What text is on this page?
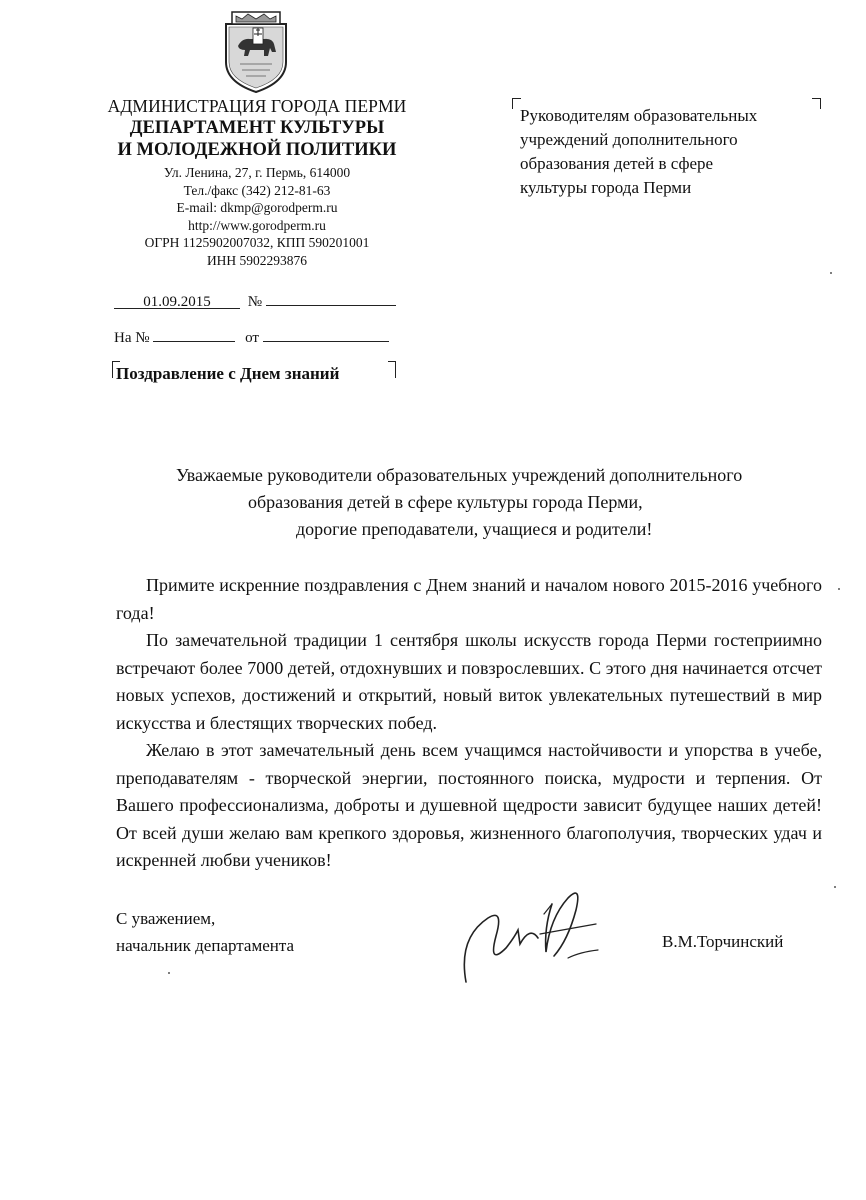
АДМИНИСТРАЦИЯ ГОРОДА ПЕРМИ
ДЕПАРТАМЕНТ КУЛЬТУРЫ
И МОЛОДЕЖНОЙ ПОЛИТИКИ
Ул. Ленина, 27, г. Пермь, 614000
Тел./факс (342) 212-81-63
E-mail: dkmp@gorodperm.ru
http://www.gorodperm.ru
ОГРН 1125902007032, КПП 590201001
ИНН 5902293876
Руководителям образовательных
учреждений дополнительного
образования детей в сфере
культуры города Перми
01.09.2015 №
На №	от
Поздравление с Днем знаний
Уважаемые руководители образовательных учреждений дополнительного
образования детей в сфере культуры города Перми,
дорогие преподаватели, учащиеся и родители!

Примите искренние поздравления с Днем знаний и началом нового 2015-2016 учебного года!

По замечательной традиции 1 сентября школы искусств города Перми гостеприимно встречают более 7000 детей, отдохнувших и повзрослевших. С этого дня начинается отсчет новых успехов, достижений и открытий, новый виток увлекательных путешествий в мир искусства и блестящих творческих побед.

Желаю в этот замечательный день всем учащимся настойчивости и упорства в учебе, преподавателям - творческой энергии, постоянного поиска, мудрости и терпения. От Вашего профессионализма, доброты и душевной щедрости зависит будущее наших детей! От всей души желаю вам крепкого здоровья, жизненного благополучия, творческих удач и искренней любви учеников!

С уважением,
начальник департамента	В.М.Торчинский
